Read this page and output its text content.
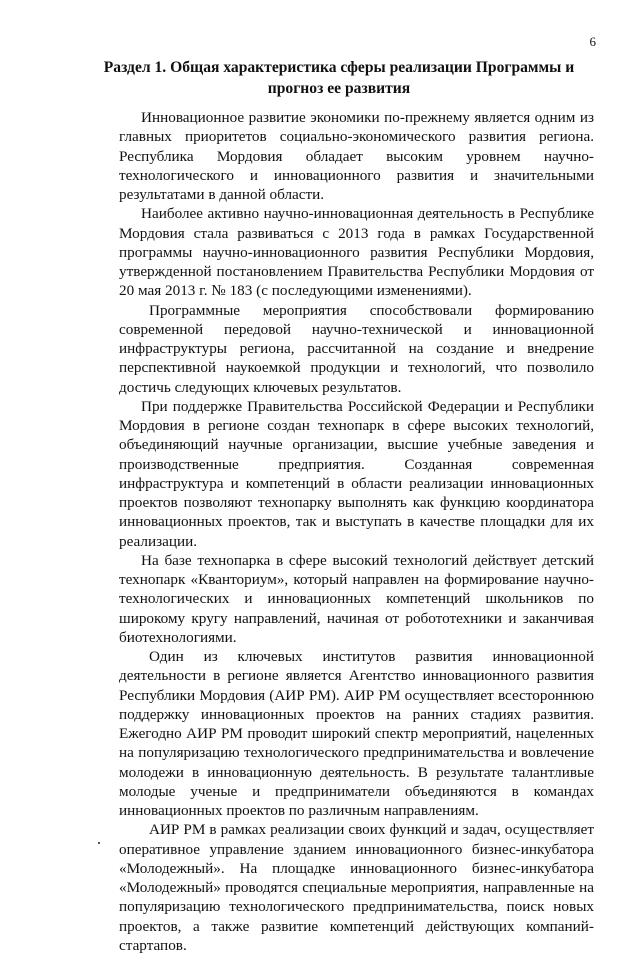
6
Раздел 1. Общая характеристика сферы реализации Программы и прогноз ее развития

Инновационное развитие экономики по-прежнему является одним из главных приоритетов социально-экономического развития региона. Республика Мордовия обладает высоким уровнем научно-технологического и инновационного развития и значительными результатами в данной области.

Наиболее активно научно-инновационная деятельность в Республике Мордовия стала развиваться с 2013 года в рамках Государственной программы научно-инновационного развития Республики Мордовия, утвержденной постановлением Правительства Республики Мордовия от 20 мая 2013 г. № 183 (с последующими изменениями).

Программные мероприятия способствовали формированию современной передовой научно-технической и инновационной инфраструктуры региона, рассчитанной на создание и внедрение перспективной наукоемкой продукции и технологий, что позволило достичь следующих ключевых результатов.

При поддержке Правительства Российской Федерации и Республики Мордовия в регионе создан технопарк в сфере высоких технологий, объединяющий научные организации, высшие учебные заведения и производственные предприятия. Созданная современная инфраструктура и компетенций в области реализации инновационных проектов позволяют технопарку выполнять как функцию координатора инновационных проектов, так и выступать в качестве площадки для их реализации.

На базе технопарка в сфере высокий технологий действует детский технопарк «Кванториум», который направлен на формирование научно-технологических и инновационных компетенций школьников по широкому кругу направлений, начиная от робототехники и заканчивая биотехнологиями.

Один из ключевых институтов развития инновационной деятельности в регионе является Агентство инновационного развития Республики Мордовия (АИР РМ). АИР РМ осуществляет всестороннюю поддержку инновационных проектов на ранних стадиях развития. Ежегодно АИР РМ проводит широкий спектр мероприятий, нацеленных на популяризацию технологического предпринимательства и вовлечение молодежи в инновационную деятельность. В результате талантливые молодые ученые и предприниматели объединяются в командах инновационных проектов по различным направлениям.

АИР РМ в рамках реализации своих функций и задач, осуществляет оперативное управление зданием инновационного бизнес-инкубатора «Молодежный». На площадке инновационного бизнес-инкубатора «Молодежный» проводятся специальные мероприятия, направленные на популяризацию технологического предпринимательства, поиск новых проектов, а также развитие компетенций действующих компаний-стартапов.
